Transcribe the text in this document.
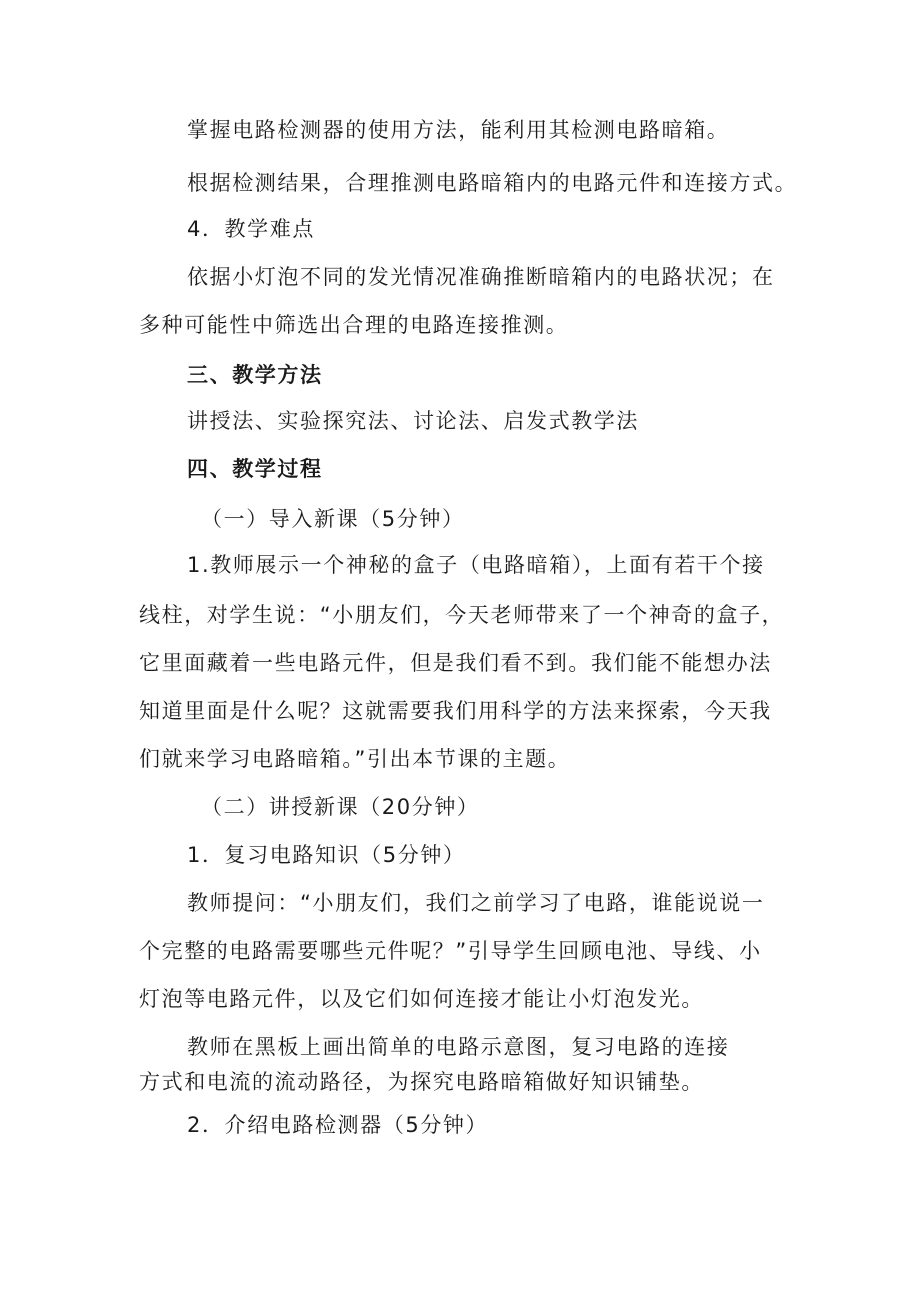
掌握电路检测器的使用方法，能利用其检测电路暗箱。
根据检测结果，合理推测电路暗箱内的电路元件和连接方式。
4．教学难点
依据小灯泡不同的发光情况准确推断暗箱内的电路状况；在
多种可能性中筛选出合理的电路连接推测。
三、教学方法
讲授法、实验探究法、讨论法、启发式教学法
四、教学过程
（一）导入新课（5分钟）
1.教师展示一个神秘的盒子（电路暗箱），上面有若干个接
线柱，对学生说：“小朋友们，今天老师带来了一个神奇的盒子，
它里面藏着一些电路元件，但是我们看不到。我们能不能想办法
知道里面是什么呢？这就需要我们用科学的方法来探索，今天我
们就来学习电路暗箱。”引出本节课的主题。
（二）讲授新课（20分钟）
1．复习电路知识（5分钟）
教师提问：“小朋友们，我们之前学习了电路，谁能说说一
个完整的电路需要哪些元件呢？”引导学生回顾电池、导线、小
灯泡等电路元件，以及它们如何连接才能让小灯泡发光。
教师在黑板上画出简单的电路示意图，复习电路的连接
方式和电流的流动路径，为探究电路暗箱做好知识铺垫。
2．介绍电路检测器（5分钟）
